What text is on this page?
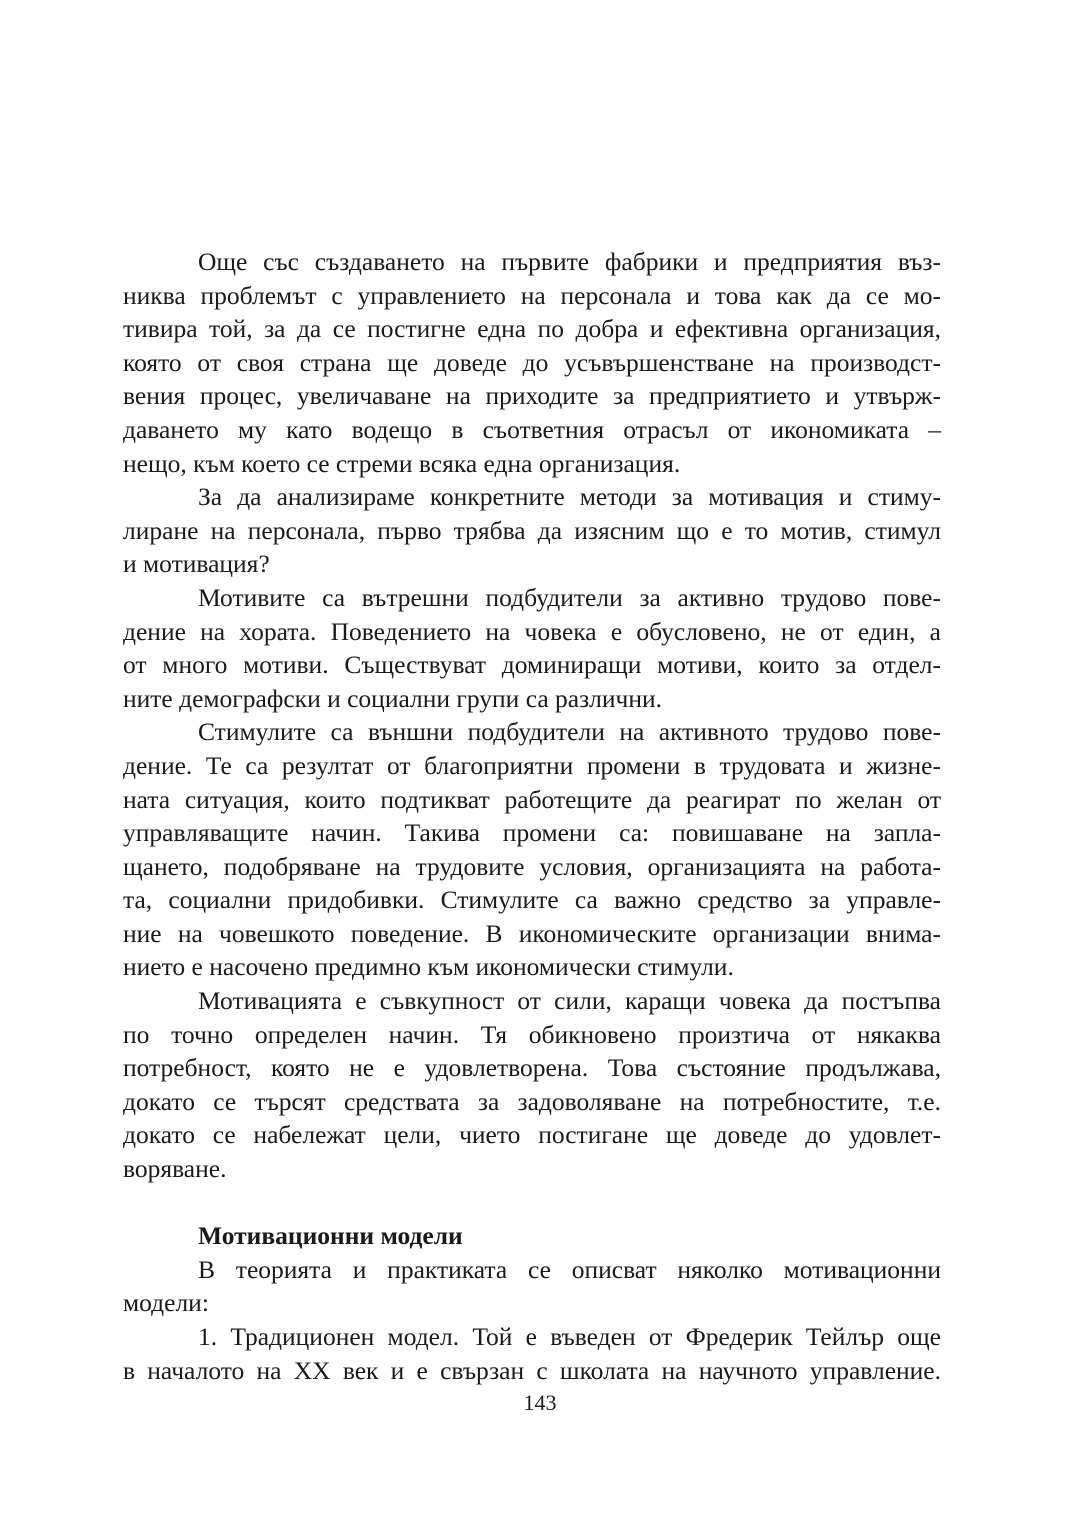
Още със създаването на първите фабрики и предприятия въз-
никва проблемът с управлението на персонала и това как да се мо-
тивира той, за да се постигне една по добра и ефективна организация,
която от своя страна ще доведе до усъвършенстване на производст-
вения процес, увеличаване на приходите за предприятието и утвърж-
даването му като водещо в съответния отрасъл от икономиката –
нещо, към което се стреми всяка една организация.
За да анализираме конкретните методи за мотивация и стиму-
лиране на персонала, първо трябва да изясним що е то мотив, стимул
и мотивация?
Мотивите са вътрешни подбудители за активно трудово пове-
дение на хората. Поведението на човека е обусловено, не от един, а
от много мотиви. Съществуват доминиращи мотиви, които за отдел-
ните демографски и социални групи са различни.
Стимулите са външни подбудители на активното трудово пове-
дение. Те са резултат от благоприятни промени в трудовата и жизне-
ната ситуация, които подтикват работещите да реагират по желан от
управляващите начин. Такива промени са: повишаване на запла-
щането, подобряване на трудовите условия, организацията на работа-
та, социални придобивки. Стимулите са важно средство за управле-
ние на човешкото поведение. В икономическите организации внима-
нието е насочено предимно към икономически стимули.
Мотивацията е съвкупност от сили, каращи човека да постъпва
по точно определен начин. Тя обикновено произтича от някаква
потребност, която не е удовлетворена. Това състояние продължава,
докато се търсят средствата за задоволяване на потребностите, т.е.
докато се набележат цели, чието постигане ще доведе до удовлет-
воряване.
Мотивационни модели
В теорията и практиката се описват няколко мотивационни
модели:
1. Традиционен модел. Той е въведен от Фредерик Тейлър още
в началото на XX век и е свързан с школата на научното управление.
143
